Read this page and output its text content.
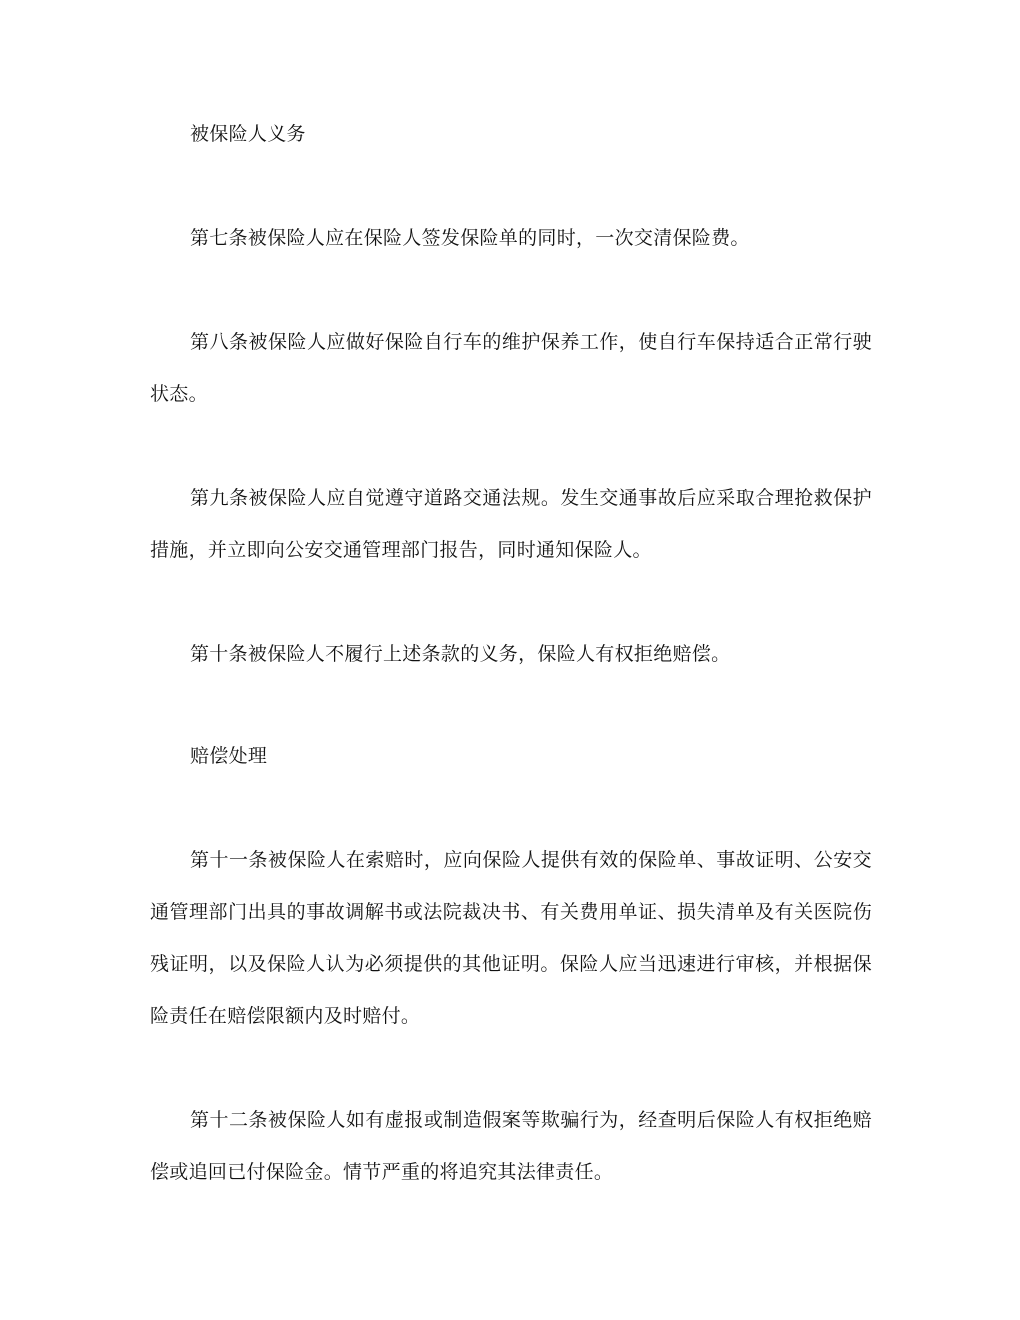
被保险人义务

第七条被保险人应在保险人签发保险单的同时，一次交清保险费。

第八条被保险人应做好保险自行车的维护保养工作，使自行车保持适合正常行驶状态。

第九条被保险人应自觉遵守道路交通法规。发生交通事故后应采取合理抢救保护措施，并立即向公安交通管理部门报告，同时通知保险人。

第十条被保险人不履行上述条款的义务，保险人有权拒绝赔偿。

赔偿处理

第十一条被保险人在索赔时，应向保险人提供有效的保险单、事故证明、公安交通管理部门出具的事故调解书或法院裁决书、有关费用单证、损失清单及有关医院伤残证明，以及保险人认为必须提供的其他证明。保险人应当迅速进行审核，并根据保险责任在赔偿限额内及时赔付。

第十二条被保险人如有虚报或制造假案等欺骗行为，经查明后保险人有权拒绝赔偿或追回已付保险金。情节严重的将追究其法律责任。
